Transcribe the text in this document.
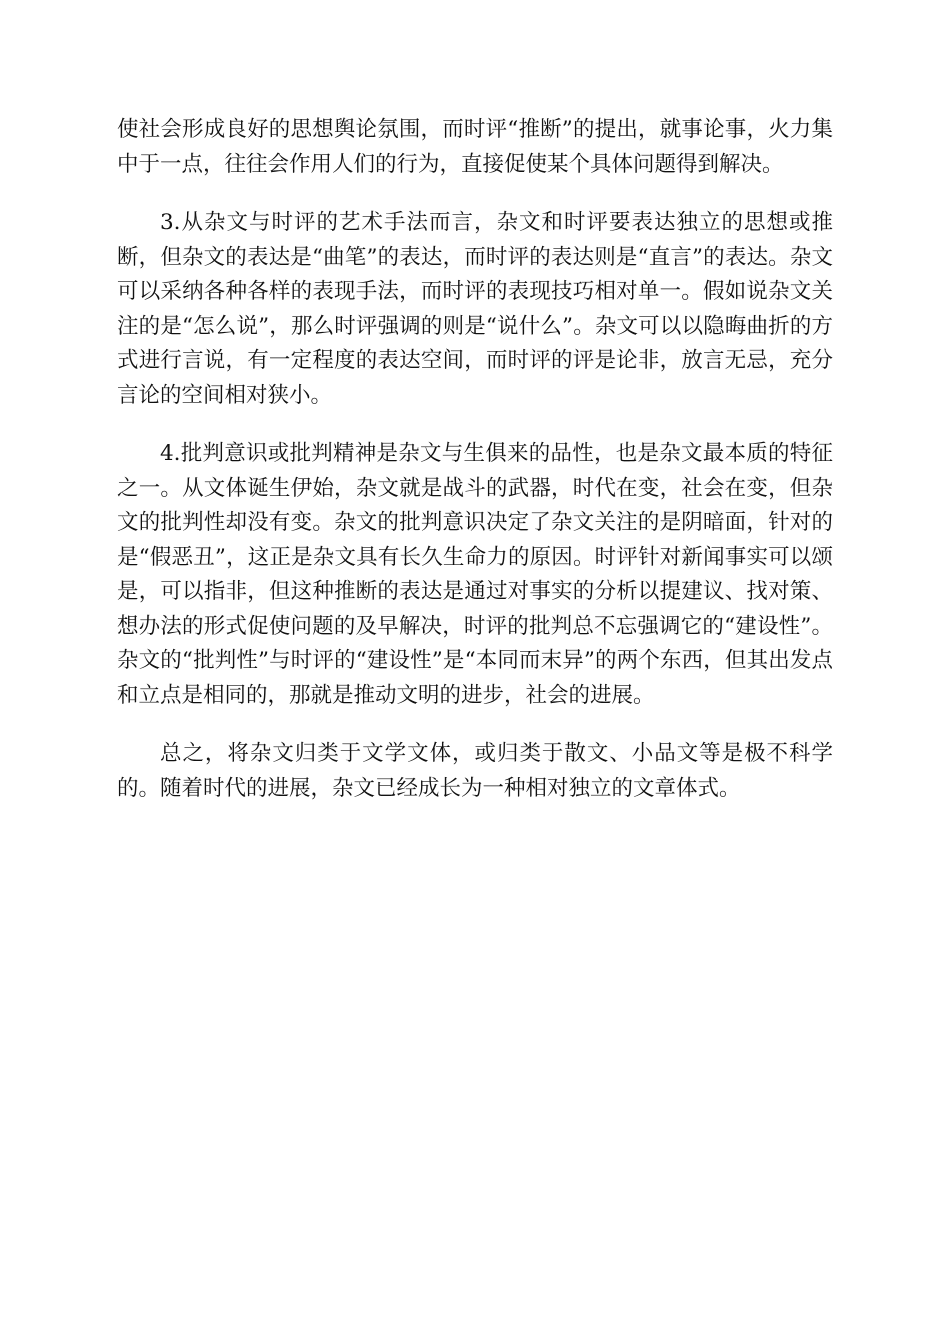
使社会形成良好的思想舆论氛围，而时评“推断”的提出，就事论事，火力集中于一点，往往会作用人们的行为，直接促使某个具体问题得到解决。

3.从杂文与时评的艺术手法而言，杂文和时评要表达独立的思想或推断，但杂文的表达是“曲笔”的表达，而时评的表达则是“直言”的表达。杂文可以采纳各种各样的表现手法，而时评的表现技巧相对单一。假如说杂文关注的是“怎么说”，那么时评强调的则是“说什么”。杂文可以以隐晦曲折的方式进行言说，有一定程度的表达空间，而时评的评是论非，放言无忌，充分言论的空间相对狭小。

4.批判意识或批判精神是杂文与生俱来的品性，也是杂文最本质的特征之一。从文体诞生伊始，杂文就是战斗的武器，时代在变，社会在变，但杂文的批判性却没有变。杂文的批判意识决定了杂文关注的是阴暗面，针对的是“假恶丑”，这正是杂文具有长久生命力的原因。时评针对新闻事实可以颂是，可以指非，但这种推断的表达是通过对事实的分析以提建议、找对策、想办法的形式促使问题的及早解决，时评的批判总不忘强调它的“建设性”。杂文的“批判性”与时评的“建设性”是“本同而末异”的两个东西，但其出发点和立点是相同的，那就是推动文明的进步，社会的进展。

总之，将杂文归类于文学文体，或归类于散文、小品文等是极不科学的。随着时代的进展，杂文已经成长为一种相对独立的文章体式。
